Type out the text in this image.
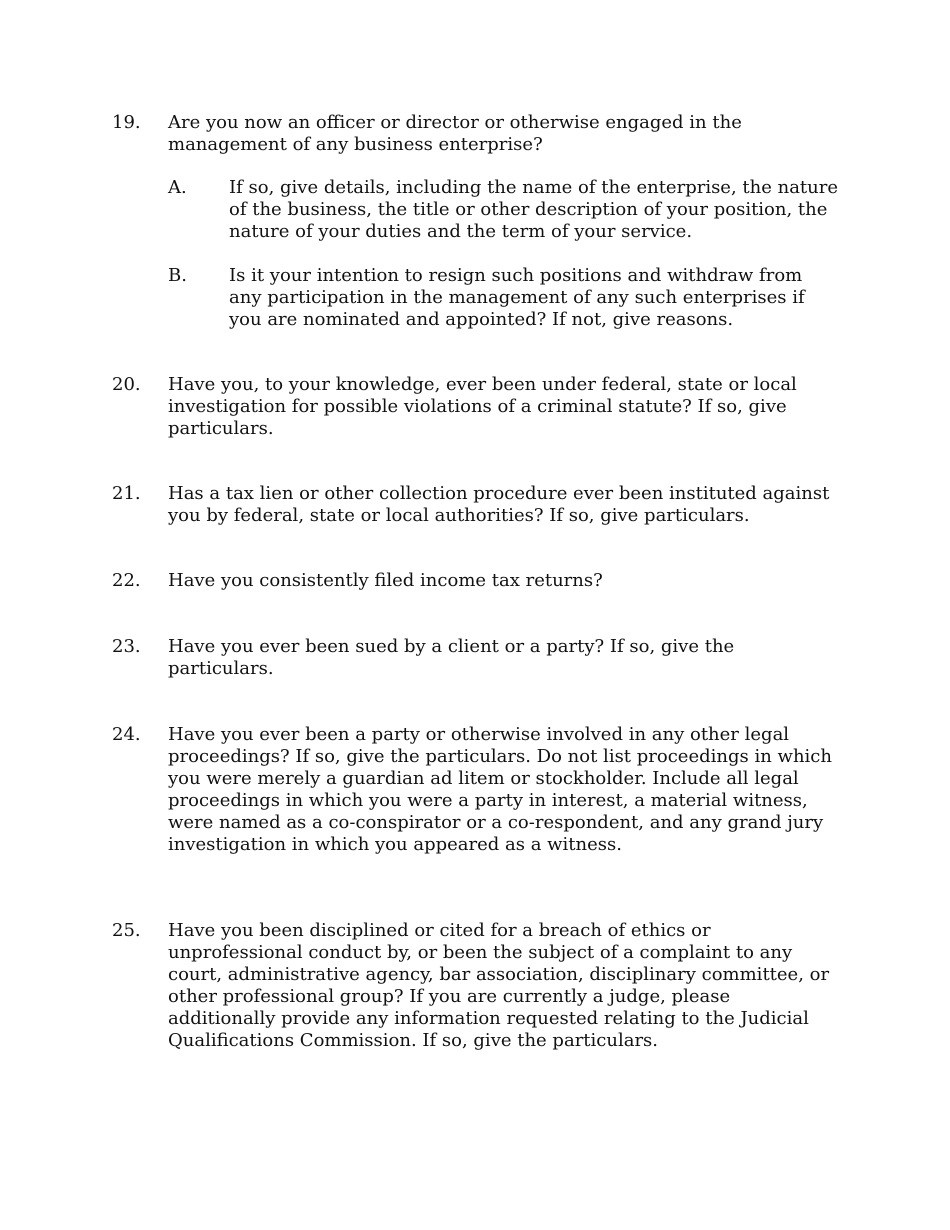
19.	Are you now an officer or director or otherwise engaged in the management of any business enterprise?
A.	If so, give details, including the name of the enterprise, the nature of the business, the title or other description of your position, the nature of your duties and the term of your service.
B.	Is it your intention to resign such positions and withdraw from any participation in the management of any such enterprises if you are nominated and appointed? If not, give reasons.
20.	Have you, to your knowledge, ever been under federal, state or local investigation for possible violations of a criminal statute? If so, give particulars.
21.	Has a tax lien or other collection procedure ever been instituted against you by federal, state or local authorities? If so, give particulars.
22.	Have you consistently filed income tax returns?
23.	Have you ever been sued by a client or a party? If so, give the particulars.
24.	Have you ever been a party or otherwise involved in any other legal proceedings? If so, give the particulars. Do not list proceedings in which you were merely a guardian ad litem or stockholder. Include all legal proceedings in which you were a party in interest, a material witness, were named as a co-conspirator or a co-respondent, and any grand jury investigation in which you appeared as a witness.
25.	Have you been disciplined or cited for a breach of ethics or unprofessional conduct by, or been the subject of a complaint to any court, administrative agency, bar association, disciplinary committee, or other professional group? If you are currently a judge, please additionally provide any information requested relating to the Judicial Qualifications Commission. If so, give the particulars.
